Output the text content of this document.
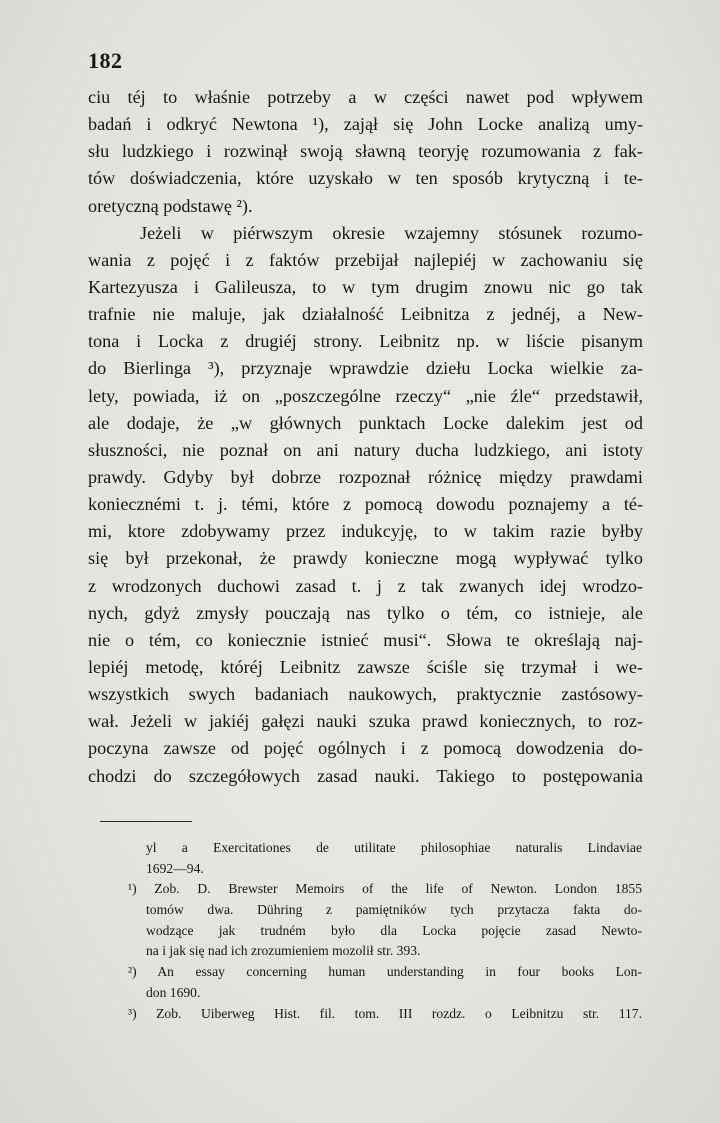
182
ciu téj to właśnie potrzeby a w części nawet pod wpływem
badań i odkryć Newtona ¹), zajął się John Locke analizą umy-
słu ludzkiego i rozwinął swoją sławną teoryję rozumowania z fak-
tów doświadczenia, które uzyskało w ten sposób krytyczną i te-
oretyczną podstawę ²).
Jeżeli w piérwszym okresie wzajemny stósunek rozumo-
wania z pojęć i z faktów przebijał najlepiéj w zachowaniu się
Kartezyusza i Galileusza, to w tym drugim znowu nic go tak
trafnie nie maluje, jak działalność Leibnitza z jednéj, a New-
tona i Locka z drugiéj strony. Leibnitz np. w liście pisanym
do Bierlinga ³), przyznaje wprawdzie dziełu Locka wielkie za-
lety, powiada, iż on „poszczególne rzeczy“ „nie źle“ przedstawił,
ale dodaje, że „w głównych punktach Locke dalekim jest od
słuszności, nie poznał on ani natury ducha ludzkiego, ani istoty
prawdy. Gdyby był dobrze rozpoznał różnicę między prawdami
koniecznémi t. j. témi, które z pomocą dowodu poznajemy a té-
mi, ktore zdobywamy przez indukcyję, to w takim razie byłby
się był przekonał, że prawdy konieczne mogą wypływać tylko
z wrodzonych duchowi zasad t. j z tak zwanych idej wrodzo-
nych, gdyż zmysły pouczają nas tylko o tém, co istnieje, ale
nie o tém, co koniecznie istnieć musi“. Słowa te określają naj-
lepiéj metodę, któréj Leibnitz zawsze ściśle się trzymał i we-
wszystkich swych badaniach naukowych, praktycznie zastósowy-
wał. Jeżeli w jakiéj gałęzi nauki szuka prawd koniecznych, to roz-
poczyna zawsze od pojęć ogólnych i z pomocą dowodzenia do-
chodzi do szczegółowych zasad nauki. Takiego to postępowania
yl a Exercitationes de utilitate philosophiae naturalis Lindaviae
1692—94.
¹) Zob. D. Brewster Memoirs of the life of Newton. London 1855
tomów dwa. Dühring z pamiętników tych przytacza fakta do-
wodzące jak trudném było dla Locka pojęcie zasad Newto-
na i jak się nad ich zrozumieniem mozolił str. 393.
²) An essay concerning human understanding in four books Lon-
don 1690.
³) Zob. Uiberweg Hist. fil. tom. III rozdz. o Leibnitzu str. 117.
